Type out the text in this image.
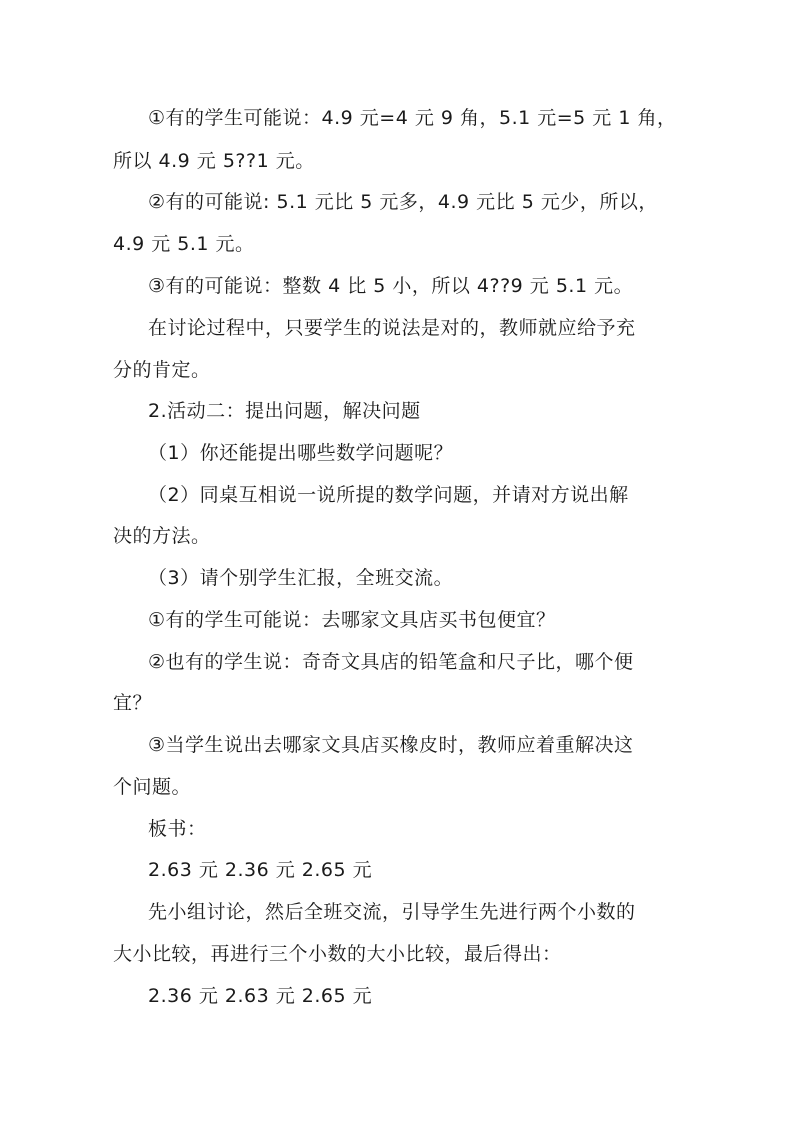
①有的学生可能说：4.9 元=4 元 9 角，5.1 元=5 元 1 角，
所以 4.9 元 5??1 元。
②有的可能说: 5.1 元比 5 元多，4.9 元比 5 元少，所以，
4.9 元 5.1 元。
③有的可能说：整数 4 比 5 小，所以 4??9 元 5.1 元。
在讨论过程中，只要学生的说法是对的，教师就应给予充
分的肯定。
2.活动二：提出问题，解决问题
（1）你还能提出哪些数学问题呢？
（2）同桌互相说一说所提的数学问题，并请对方说出解
决的方法。
（3）请个别学生汇报，全班交流。
①有的学生可能说：去哪家文具店买书包便宜？
②也有的学生说：奇奇文具店的铅笔盒和尺子比，哪个便
宜？
③当学生说出去哪家文具店买橡皮时，教师应着重解决这
个问题。
板书：
2.63 元 2.36 元 2.65 元
先小组讨论，然后全班交流，引导学生先进行两个小数的
大小比较，再进行三个小数的大小比较，最后得出：
2.36 元 2.63 元 2.65 元
